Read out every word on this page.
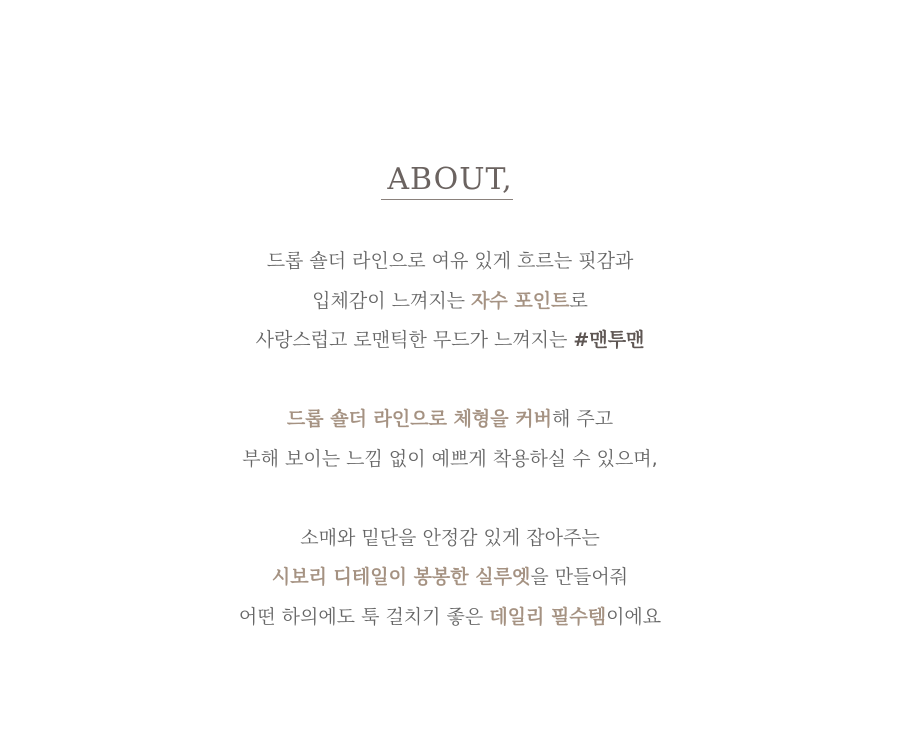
ABOUT,
드롭 숄더 라인으로 여유 있게 흐르는 핏감과
입체감이 느껴지는 자수 포인트로
사랑스럽고 로맨틱한 무드가 느껴지는 #맨투맨
드롭 숄더 라인으로 체형을 커버해 주고
부해 보이는 느낌 없이 예쁘게 착용하실 수 있으며,
소매와 밑단을 안정감 있게 잡아주는
시보리 디테일이 봉봉한 실루엣을 만들어줘
어떤 하의에도 툭 걸치기 좋은 데일리 필수템이에요
